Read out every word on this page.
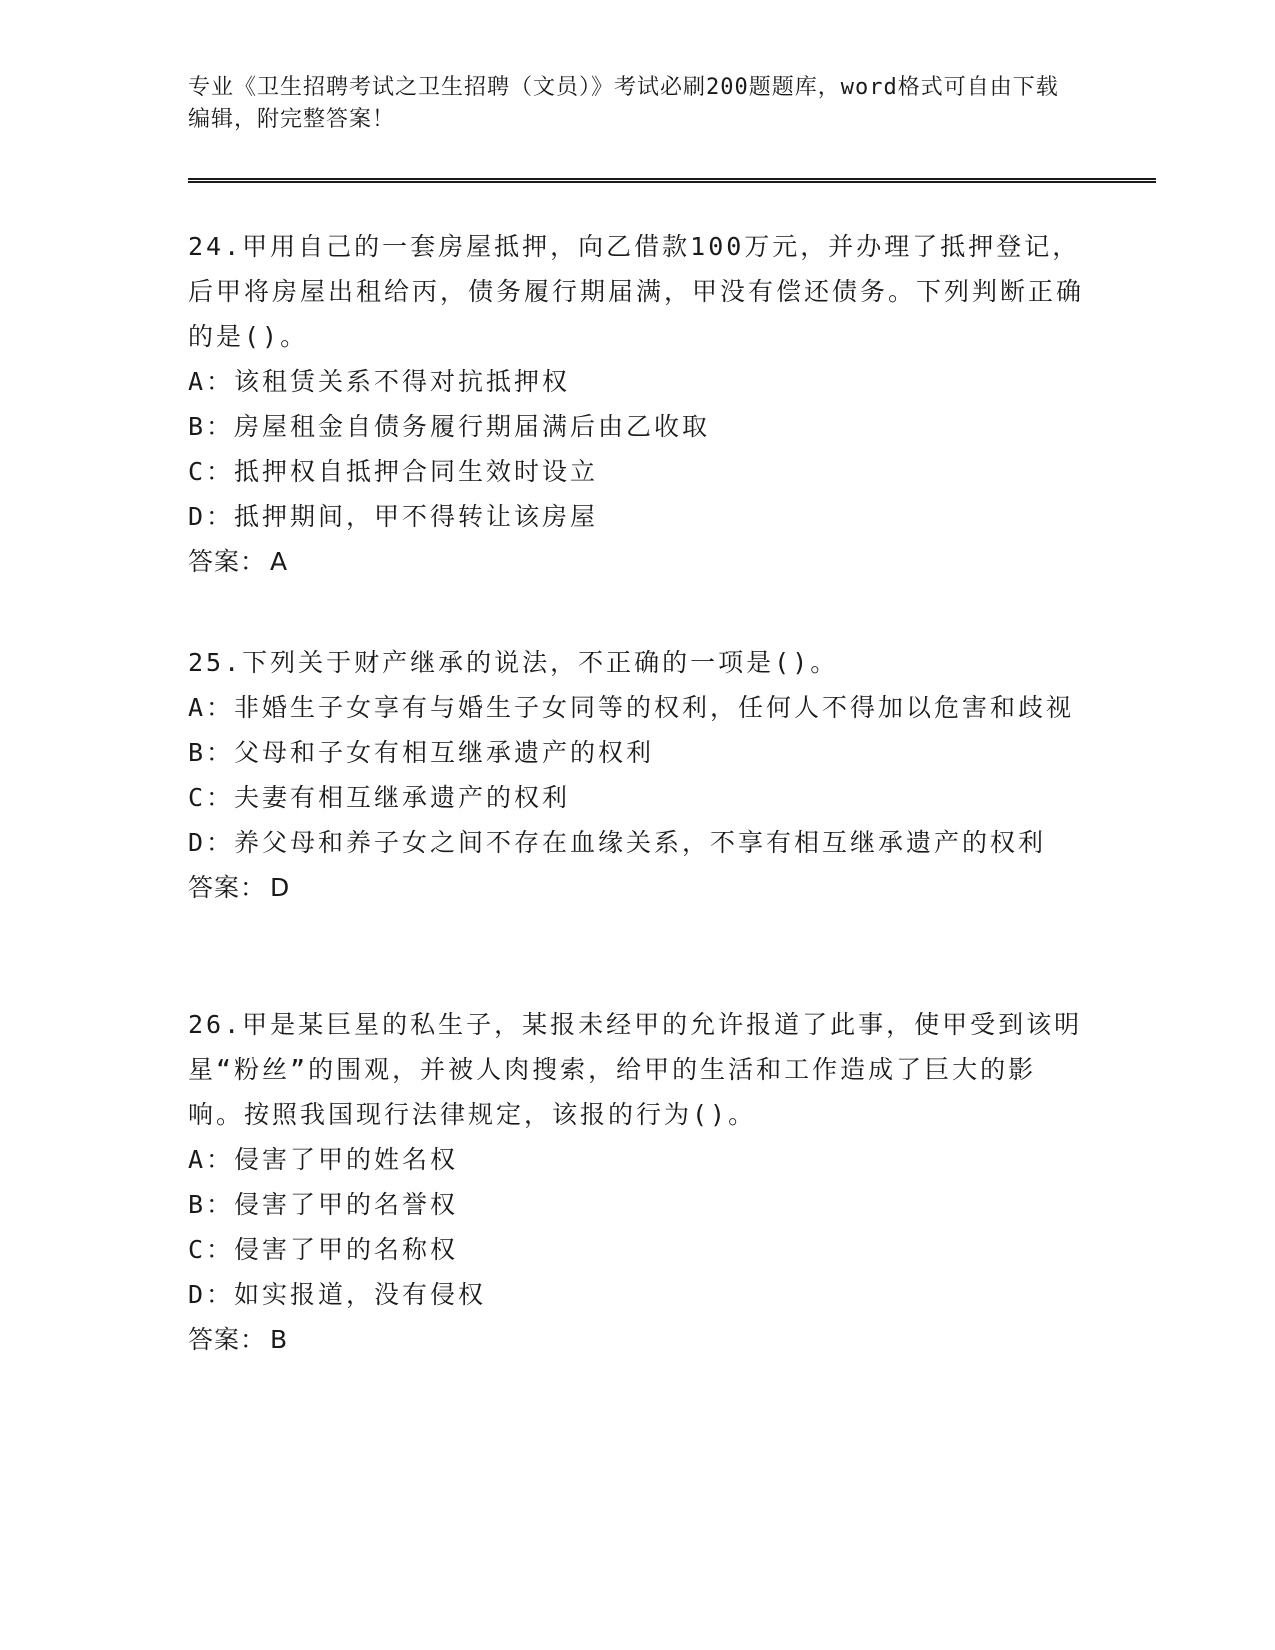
专业《卫生招聘考试之卫生招聘（文员）》考试必刷200题题库，word格式可自由下载编辑，附完整答案！

24.甲用自己的一套房屋抵押，向乙借款100万元，并办理了抵押登记，后甲将房屋出租给丙，债务履行期届满，甲没有偿还债务。下列判断正确的是()。

A：该租赁关系不得对抗抵押权

B：房屋租金自债务履行期届满后由乙收取

C：抵押权自抵押合同生效时设立

D：抵押期间，甲不得转让该房屋

答案： A

25.下列关于财产继承的说法，不正确的一项是()。

A：非婚生子女享有与婚生子女同等的权利，任何人不得加以危害和歧视

B：父母和子女有相互继承遗产的权利

C：夫妻有相互继承遗产的权利

D：养父母和养子女之间不存在血缘关系，不享有相互继承遗产的权利

答案： D

26.甲是某巨星的私生子，某报未经甲的允许报道了此事，使甲受到该明星“粉丝”的围观，并被人肉搜索，给甲的生活和工作造成了巨大的影响。按照我国现行法律规定，该报的行为()。

A：侵害了甲的姓名权

B：侵害了甲的名誉权

C：侵害了甲的名称权

D：如实报道，没有侵权

答案： B
